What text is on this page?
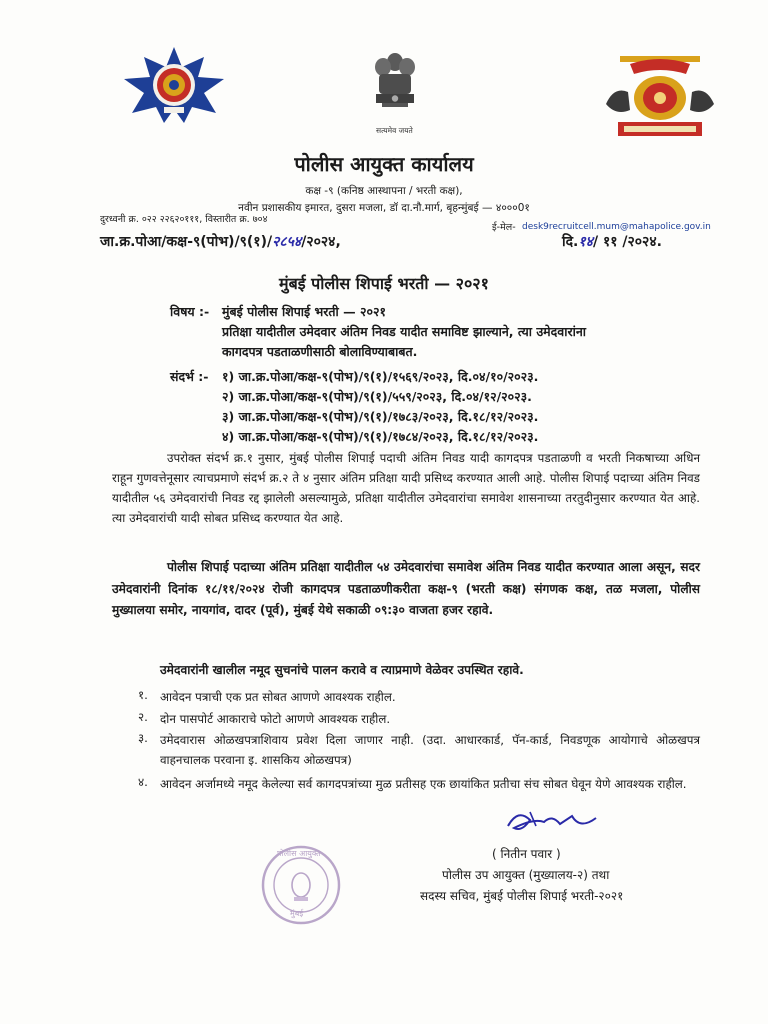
सत्यमेव जयते
पोलीस आयुक्त कार्यालय
कक्ष -९ (कनिष्ठ आस्थापना / भरती कक्ष),
नवीन प्रशासकीय इमारत, दुसरा मजला, डॉ दा.नौ.मार्ग, बृहन्मुंबई — ४०००0१
दुरध्वनी क्र. ०२२ २२६२०१११, विस्तारीत क्र. ७०४
ई-मेल- desk9recruitcell.mum@mahapolice.gov.in
जा.क्र.पोआ/कक्ष-९(पोभ)/९(१)/२८५४/२०२४,	दि.१४/ ११ /२०२४.
मुंबई पोलीस शिपाई भरती — २०२१
विषय :- मुंबई पोलीस शिपाई भरती — २०२१
प्रतिक्षा यादीतील उमेदवार अंतिम निवड यादीत समाविष्ट झाल्याने, त्या उमेदवारांना
कागदपत्र पडताळणीसाठी बोलाविण्याबाबत.
संदर्भ :- १) जा.क्र.पोआ/कक्ष-९(पोभ)/९(१)/१५६९/२०२३, दि.०४/१०/२०२३.
२) जा.क्र.पोआ/कक्ष-९(पोभ)/९(१)/५५९/२०२३, दि.०४/१२/२०२३.
३) जा.क्र.पोआ/कक्ष-९(पोभ)/९(१)/१७८३/२०२३, दि.१८/१२/२०२३.
४) जा.क्र.पोआ/कक्ष-९(पोभ)/९(१)/१७८४/२०२३, दि.१८/१२/२०२३.
उपरोक्त संदर्भ क्र.१ नुसार, मुंबई पोलीस शिपाई पदाची अंतिम निवड यादी कागदपत्र पडताळणी व भरती निकषाच्या अधिन राहून गुणवत्तेनूसार त्याचप्रमाणे संदर्भ क्र.२ ते ४ नुसार अंतिम प्रतिक्षा यादी प्रसिध्द करण्यात आली आहे. पोलीस शिपाई पदाच्या अंतिम निवड यादीतील ५६ उमेदवारांची निवड रद्द झालेली असल्यामुळे, प्रतिक्षा यादीतील उमेदवारांचा समावेश शासनाच्या तरतुदीनुसार करण्यात येत आहे. त्या उमेदवारांची यादी सोबत प्रसिध्द करण्यात येत आहे.
पोलीस शिपाई पदाच्या अंतिम प्रतिक्षा यादीतील ५४ उमेदवारांचा समावेश अंतिम निवड यादीत करण्यात आला असून, सदर उमेदवारांनी दिनांक १८/११/२०२४ रोजी कागदपत्र पडताळणीकरीता कक्ष-९ (भरती कक्ष) संगणक कक्ष, तळ मजला, पोलीस मुख्यालया समोर, नायगांव, दादर (पूर्व), मुंबई येथे सकाळी ०९:३० वाजता हजर रहावे.
उमेदवारांनी खालील नमूद सुचनांचे पालन करावे व त्याप्रमाणे वेळेवर उपस्थित रहावे.
१. आवेदन पत्राची एक प्रत सोबत आणणे आवश्यक राहील.
२. दोन पासपोर्ट आकाराचे फोटो आणणे आवश्यक राहील.
३. उमेदवारास ओळखपत्राशिवाय प्रवेश दिला जाणार नाही. (उदा. आधारकार्ड, पॅन-कार्ड, निवडणूक आयोगाचे ओळखपत्र वाहनचालक परवाना इ. शासकिय ओळखपत्र)
४. आवेदन अर्जामध्ये नमूद केलेल्या सर्व कागदपत्रांच्या मुळ प्रतीसह एक छायांकित प्रतीचा संच सोबत घेवून येणे आवश्यक राहील.
पोलीस आयुक्त
मुंबई
( नितीन पवार )
पोलीस उप आयुक्त (मुख्यालय-२) तथा
सदस्य सचिव, मुंबई पोलीस शिपाई भरती-२०२१
